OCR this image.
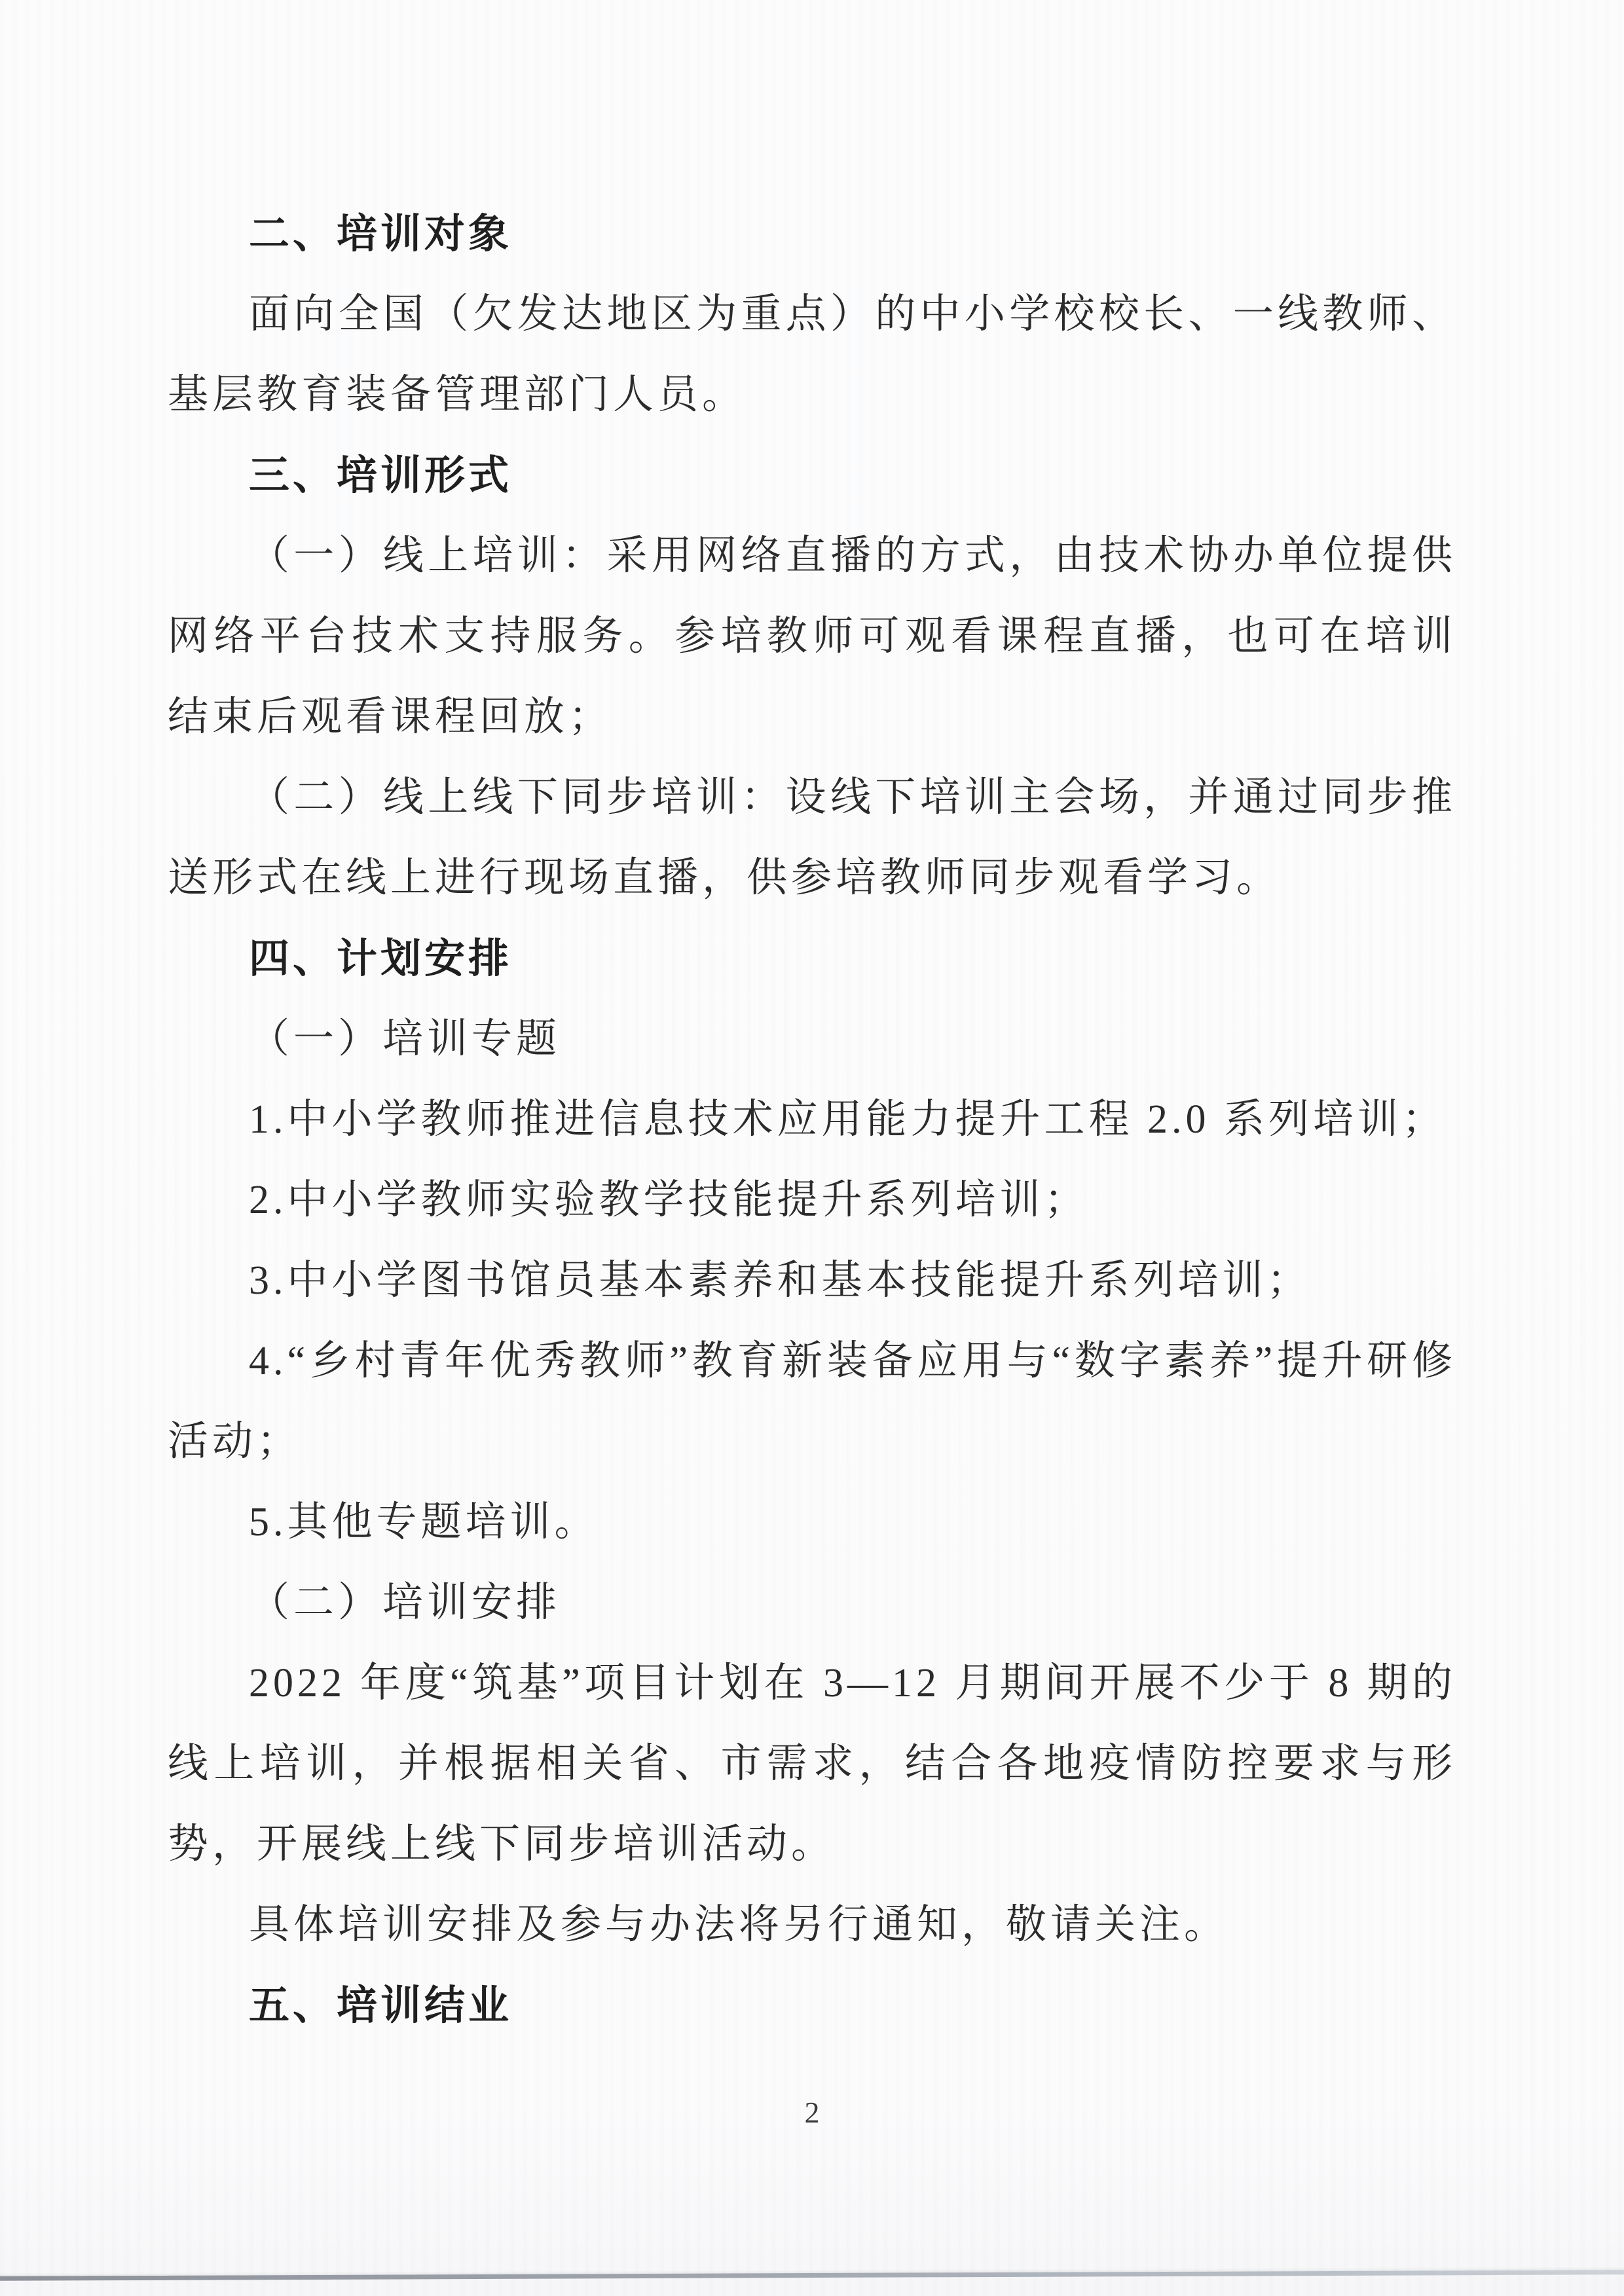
二、培训对象

面向全国（欠发达地区为重点）的中小学校校长、一线教师、基层教育装备管理部门人员。

三、培训形式

（一）线上培训：采用网络直播的方式，由技术协办单位提供网络平台技术支持服务。参培教师可观看课程直播，也可在培训结束后观看课程回放；

（二）线上线下同步培训：设线下培训主会场，并通过同步推送形式在线上进行现场直播，供参培教师同步观看学习。

四、计划安排

（一）培训专题

1.中小学教师推进信息技术应用能力提升工程 2.0 系列培训；

2.中小学教师实验教学技能提升系列培训；

3.中小学图书馆员基本素养和基本技能提升系列培训；

4.“乡村青年优秀教师”教育新装备应用与“数字素养”提升研修活动；

5.其他专题培训。

（二）培训安排

2022 年度“筑基”项目计划在 3—12 月期间开展不少于 8 期的线上培训，并根据相关省、市需求，结合各地疫情防控要求与形势，开展线上线下同步培训活动。

具体培训安排及参与办法将另行通知，敬请关注。

五、培训结业
2
